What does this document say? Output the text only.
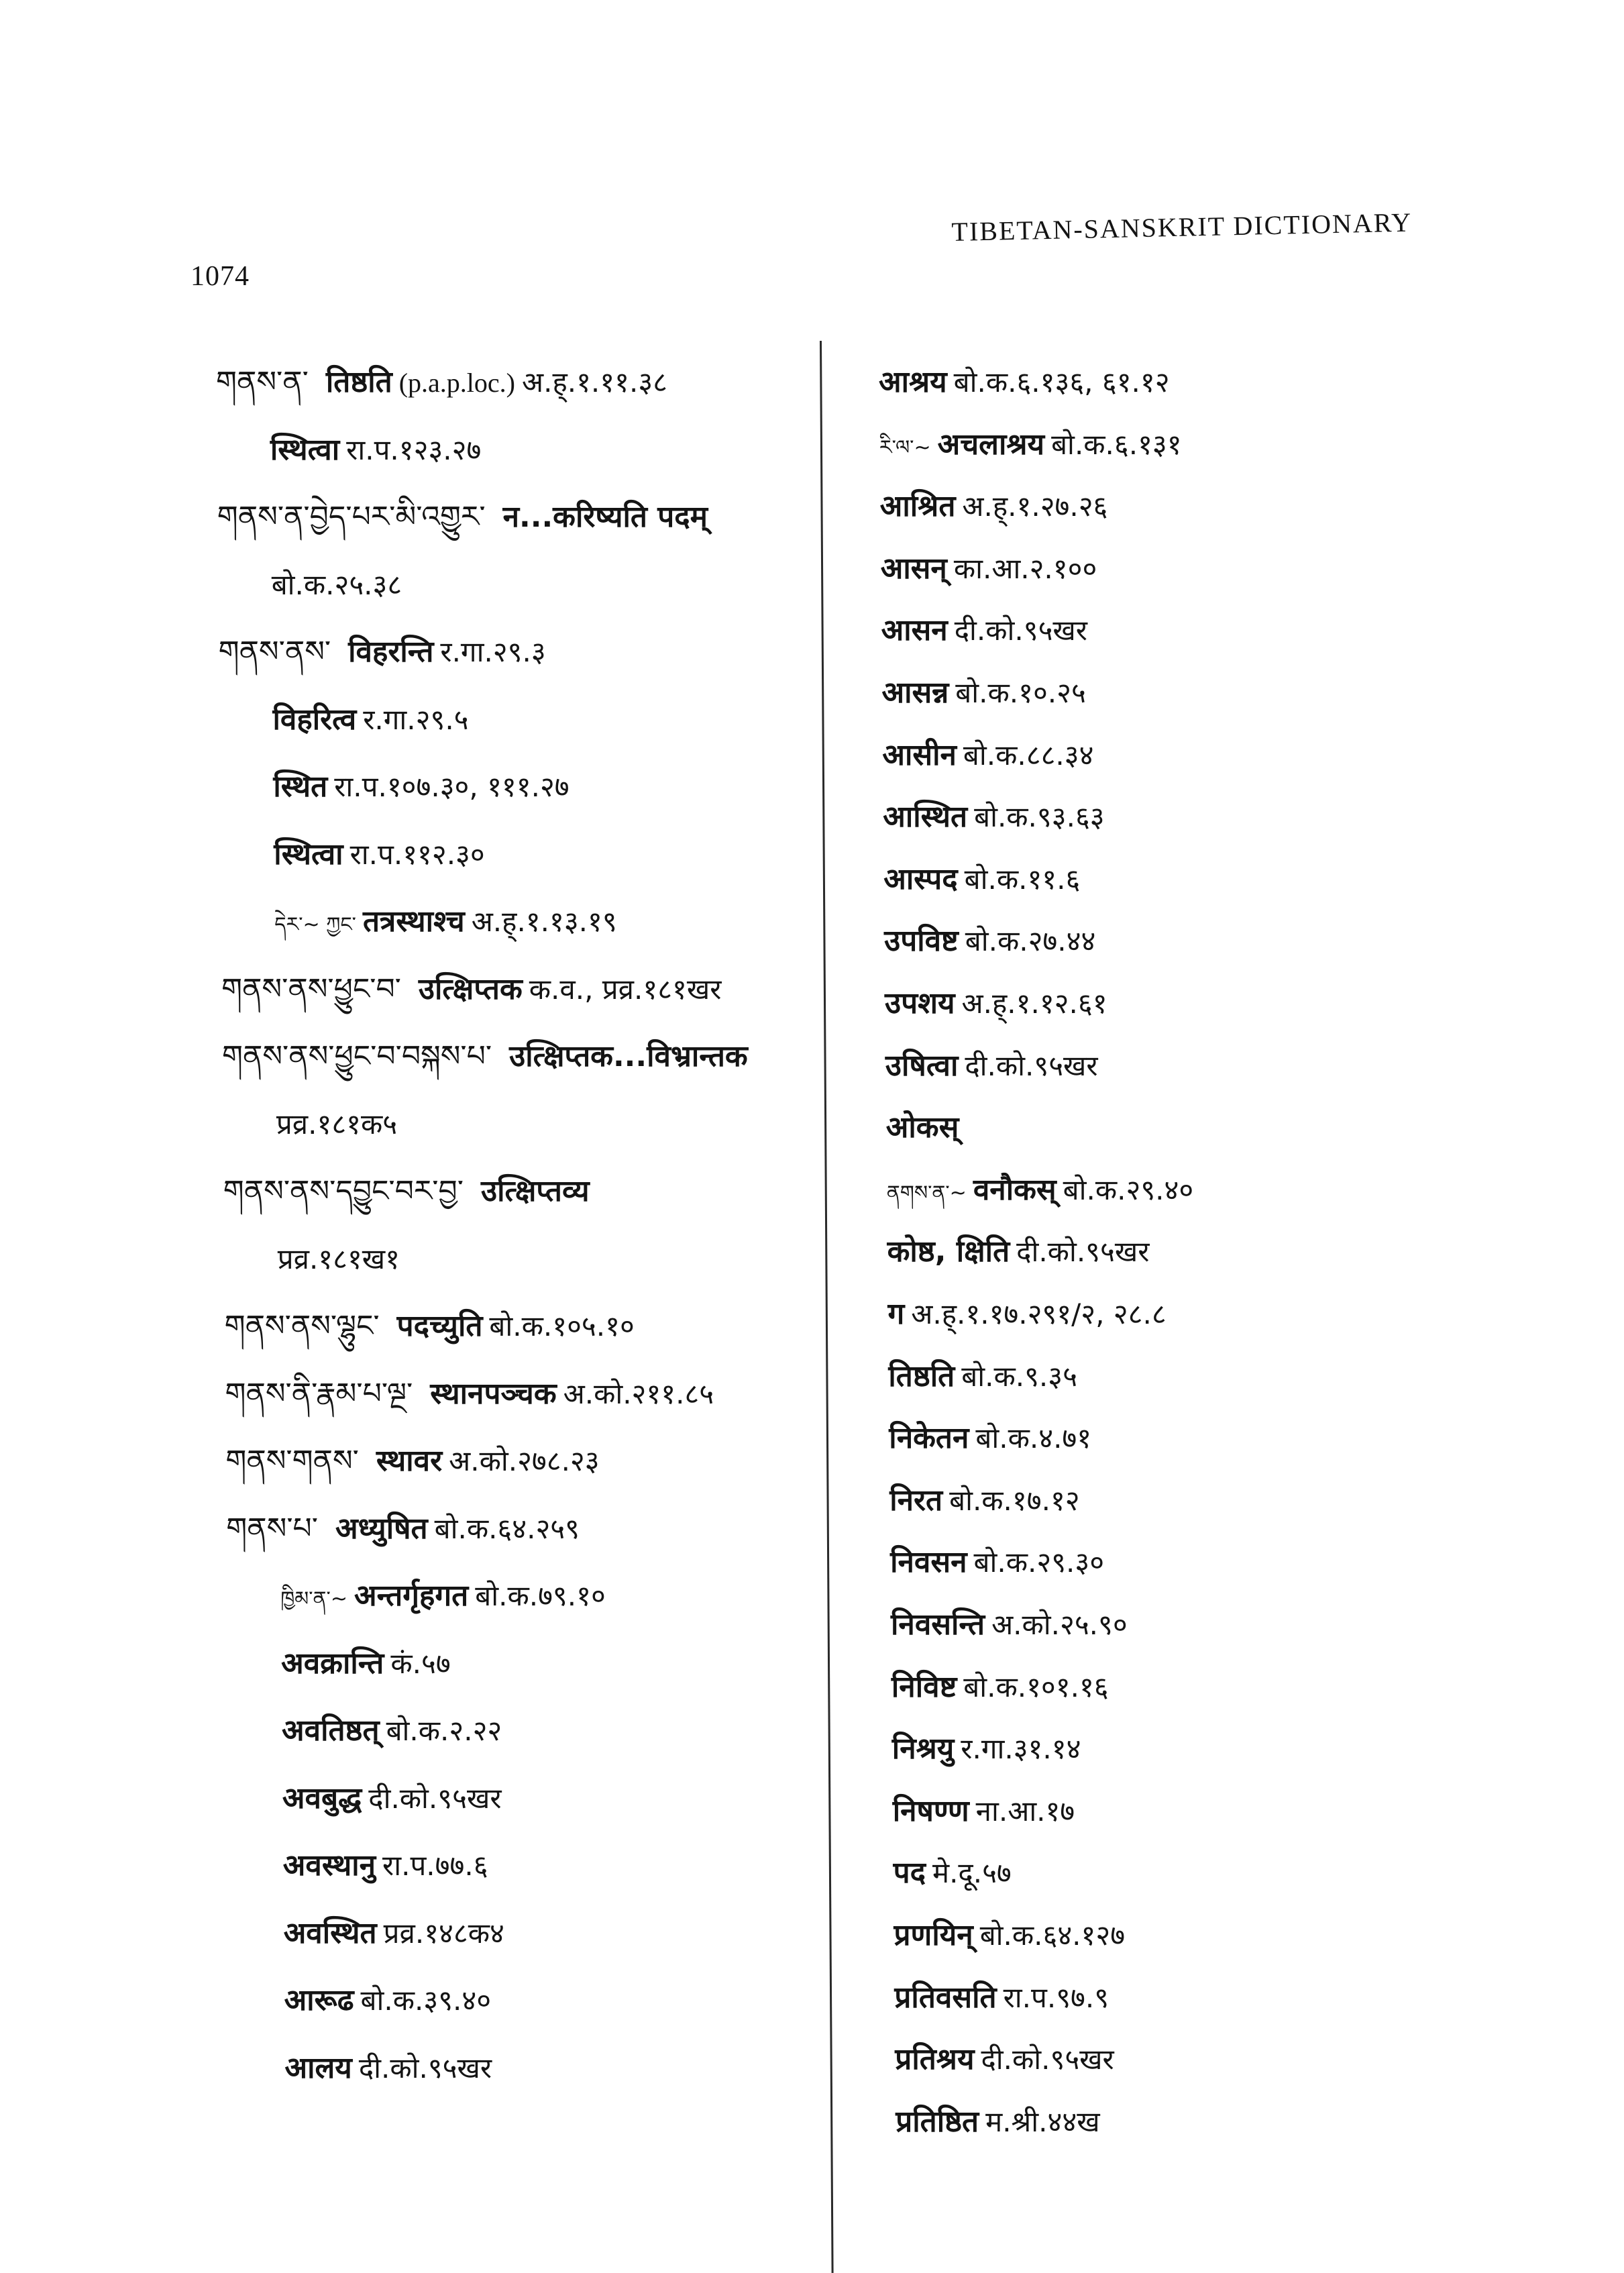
1074
TIBETAN-SANSKRIT DICTIONARY
གནས་ན་ तिष्ठति (p.a.p.loc.) अ.ह्.१.११.३८
स्थित्वा रा.प.१२३.२७
གནས་ན་བྱེད་པར་མི་འགྱུར་ न...करिष्यति पदम्
बो.क.२५.३८
གནས་ནས་ विहरन्ति र.गा.२९.३
विहरित्व र.गा.२९.५
स्थित रा.प.१०७.३०, १११.२७
स्थित्वा रा.प.११२.३०
དེར་~ ཀྱང་ तत्रस्थाश्च अ.ह्.१.१३.१९
གནས་ནས་ཕྱུང་བ་ उत्क्षिप्तक क.व., प्रव्र.१८१खर
གནས་ནས་ཕྱུང་བ་བསྐས་པ་ उत्क्षिप्तक...विभ्रान्तक
प्रव्र.१८१क५
གནས་ནས་དབྱུང་བར་བྱ་ उत्क्षिप्तव्य
प्रव्र.१८१ख१
གནས་ནས་ལྷུང་ पदच्युति बो.क.१०५.१०
གནས་ནི་རྣམ་པ་ལྔ་ स्थानपञ्चक अ.को.२११.८५
གནས་གནས་ स्थावर अ.को.२७८.२३
གནས་པ་ अध्युषित बो.क.६४.२५९
ཁྱིམ་ན་~ अन्तर्गृहगत बो.क.७९.१०
अवक्रान्ति कं.५७
अवतिष्ठत् बो.क.२.२२
अवबुद्ध दी.को.९५खर
अवस्थानु रा.प.७७.६
अवस्थित प्रव्र.१४८क४
आरूढ बो.क.३९.४०
आलय दी.को.९५खर
आश्रय बो.क.६.१३६, ६१.१२
རི་ལ་~ अचलाश्रय बो.क.६.१३१
आश्रित अ.ह्.१.२७.२६
आसन् का.आ.२.१००
आसन दी.को.९५खर
आसन्न बो.क.१०.२५
आसीन बो.क.८८.३४
आस्थित बो.क.९३.६३
आस्पद बो.क.११.६
उपविष्ट बो.क.२७.४४
उपशय अ.ह्.१.१२.६१
उषित्वा दी.को.९५खर
ओकस्
ནགས་ན་~ वनौकस् बो.क.२९.४०
कोष्ठ, क्षिति दी.को.९५खर
ग अ.ह्.१.१७.२९१/२, २८.८
तिष्ठति बो.क.९.३५
निकेतन बो.क.४.७१
निरत बो.क.१७.१२
निवसन बो.क.२९.३०
निवसन्ति अ.को.२५.९०
निविष्ट बो.क.१०१.१६
निश्रयु र.गा.३१.१४
निषण्ण ना.आ.१७
पद मे.दू.५७
प्रणयिन् बो.क.६४.१२७
प्रतिवसति रा.प.९७.९
प्रतिश्रय दी.को.९५खर
प्रतिष्ठित म.श्री.४४ख
